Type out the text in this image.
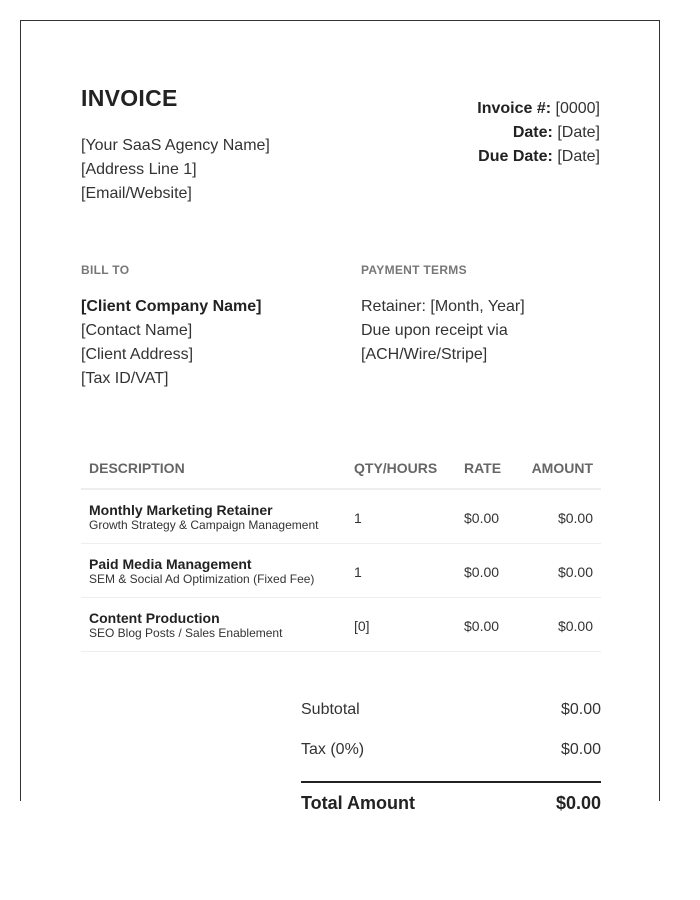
INVOICE
[Your SaaS Agency Name]
[Address Line 1]
[Email/Website]
Invoice #: [0000]
Date: [Date]
Due Date: [Date]
BILL TO	PAYMENT TERMS
[Client Company Name]
[Contact Name]
[Client Address]
[Tax ID/VAT]
Retainer: [Month, Year]
Due upon receipt via
[ACH/Wire/Stripe]
DESCRIPTION	QTY/HOURS RATE AMOUNT
Monthly Marketing Retainer
Growth Strategy & Campaign Management	1	$0.00	$0.00
Paid Media Management
SEM & Social Ad Optimization (Fixed Fee)	1	$0.00	$0.00
Content Production
SEO Blog Posts / Sales Enablement	[0]	$0.00	$0.00
Subtotal	$0.00
Tax (0%)	$0.00
Total Amount	$0.00
